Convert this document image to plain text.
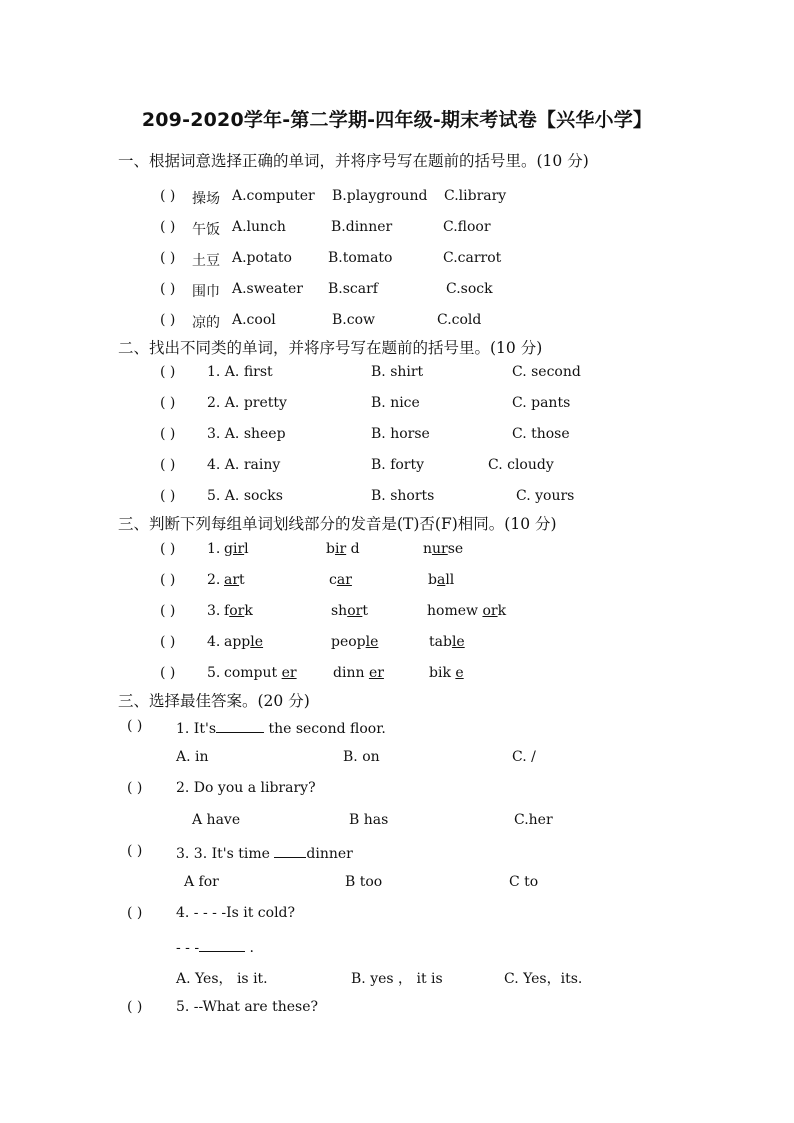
209-2020学年-第二学期-四年级-期末考试卷【兴华小学】
一、根据词意选择正确的单词，并将序号写在题前的括号里。(10 分)
( ) 操场 A.computer B.playground C.library
( ) 午饭 A.lunch	B.dinner	C.floor
( ) 土豆 A.potato	B.tomato	C.carrot
( ) 围巾 A.sweater B.scarf	C.sock
( ) 凉的 A.cool	B.cow	C.cold
二、找出不同类的单词，并将序号写在题前的括号里。(10 分)
( ) 1. A. first	B. shirt	C. second
( ) 2. A. pretty	B. nice	C. pants
( ) 3. A. sheep	B. horse	C. those
( ) 4. A. rainy	B. forty	C. cloudy
( ) 5. A. socks	B. shorts	C. yours
三、判断下列每组单词划线部分的发音是(T)否(F)相同。(10 分)
( ) 1. girl	bir d	nurse
( ) 2. art	car	ball
( ) 3. fork	short	homew ork
( ) 4. apple	people	table
( ) 5. comput er	dinn er	bik e
三、选择最佳答案。(20 分)
( ) 1. It's	the second floor.
A. in	B. on	C. /
( ) 2. Do you a library?
A have	B has	C.her
( ) 3. 3. It's time dinner
A for	B too	C to
( ) 4. - - - -Is it cold?
- - -	.
A. Yes， is it.	B. yes ， it is	C. Yes，its.
( ) 5. --What are these?
